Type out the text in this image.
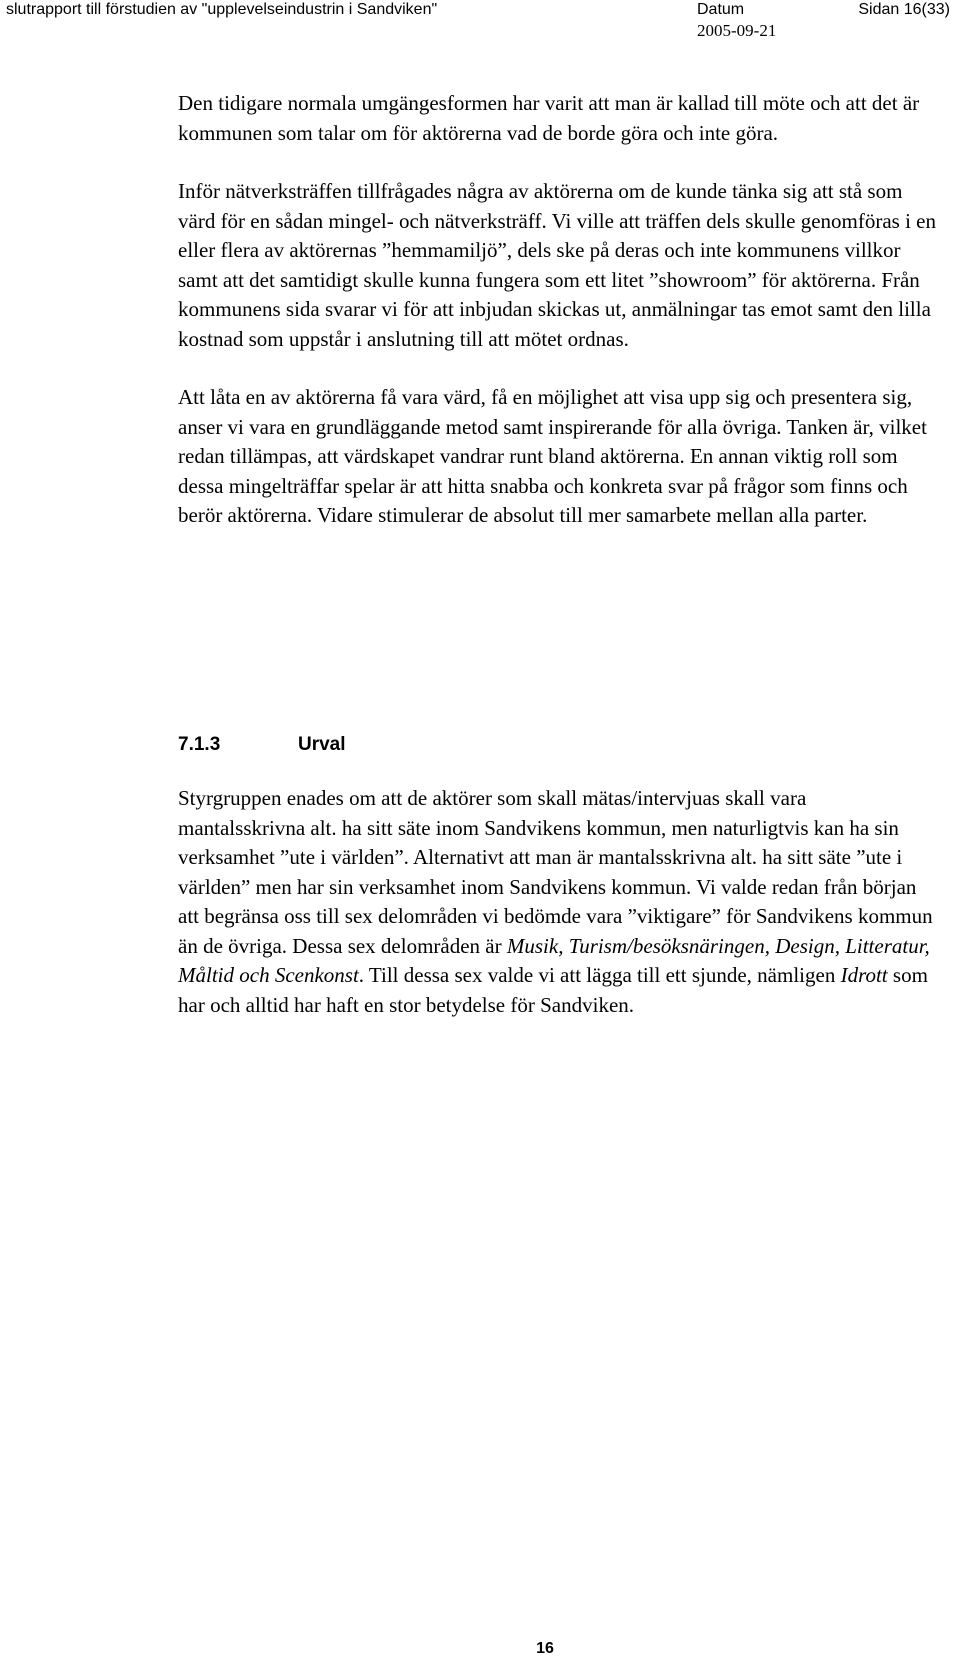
slutrapport till förstudien av "upplevelseindustrin i Sandviken"	Datum
2005-09-21
Sidan 16(33)

Den tidigare normala umgängesformen har varit att man är kallad till möte och att det är kommunen som talar om för aktörerna vad de borde göra och inte göra.

Inför nätverksträffen tillfrågades några av aktörerna om de kunde tänka sig att stå som värd för en sådan mingel- och nätverksträff. Vi ville att träffen dels skulle genomföras i en eller flera av aktörernas ”hemmamiljö”, dels ske på deras och inte kommunens villkor samt att det samtidigt skulle kunna fungera som ett litet ”showroom” för aktörerna. Från kommunens sida svarar vi för att inbjudan skickas ut, anmälningar tas emot samt den lilla kostnad som uppstår i anslutning till att mötet ordnas.

Att låta en av aktörerna få vara värd, få en möjlighet att visa upp sig och presentera sig, anser vi vara en grundläggande metod samt inspirerande för alla övriga. Tanken är, vilket redan tillämpas, att värdskapet vandrar runt bland aktörerna. En annan viktig roll som dessa mingelträffar spelar är att hitta snabba och konkreta svar på frågor som finns och berör aktörerna. Vidare stimulerar de absolut till mer samarbete mellan alla parter.

7.1.3	Urval

Styrgruppen enades om att de aktörer som skall mätas/intervjuas skall vara mantalsskrivna alt. ha sitt säte inom Sandvikens kommun, men naturligtvis kan ha sin verksamhet ”ute i världen”. Alternativt att man är mantalsskrivna alt. ha sitt säte ”ute i världen” men har sin verksamhet inom Sandvikens kommun. Vi valde redan från början att begränsa oss till sex delområden vi bedömde vara ”viktigare” för Sandvikens kommun än de övriga. Dessa sex delområden är Musik, Turism/besöksnäringen, Design, Litteratur, Måltid och Scenkonst. Till dessa sex valde vi att lägga till ett sjunde, nämligen Idrott som har och alltid har haft en stor betydelse för Sandviken.

16
